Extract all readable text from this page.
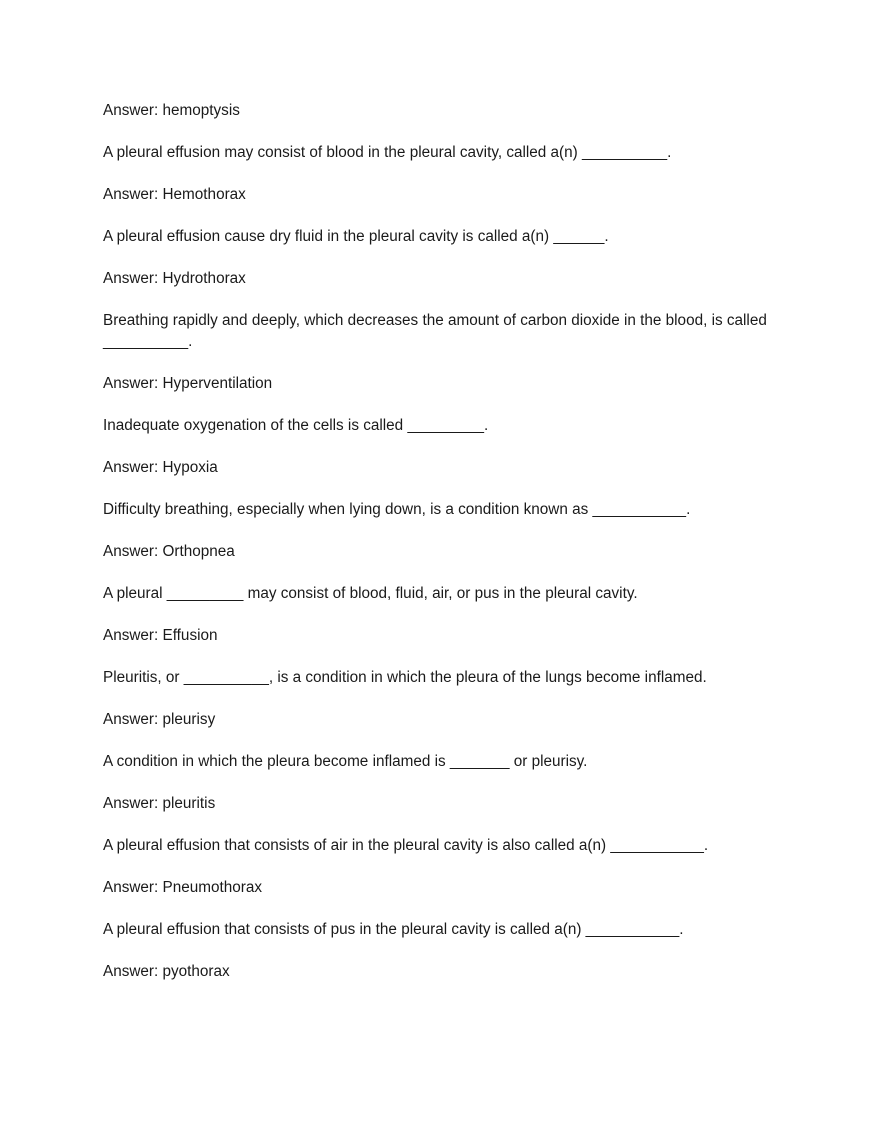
Answer: hemoptysis

A pleural effusion may consist of blood in the pleural cavity, called a(n) __________.

Answer: Hemothorax

A pleural effusion cause dry fluid in the pleural cavity is called a(n) ______.

Answer: Hydrothorax

Breathing rapidly and deeply, which decreases the amount of carbon dioxide in the blood, is called __________.

Answer: Hyperventilation

Inadequate oxygenation of the cells is called _________.

Answer: Hypoxia

Difficulty breathing, especially when lying down, is a condition known as ___________.

Answer: Orthopnea

A pleural _________ may consist of blood, fluid, air, or pus in the pleural cavity.

Answer: Effusion

Pleuritis, or __________, is a condition in which the pleura of the lungs become inflamed.

Answer: pleurisy

A condition in which the pleura become inflamed is _______ or pleurisy.

Answer: pleuritis

A pleural effusion that consists of air in the pleural cavity is also called a(n) ___________.

Answer: Pneumothorax

A pleural effusion that consists of pus in the pleural cavity is called a(n) ___________.

Answer: pyothorax
